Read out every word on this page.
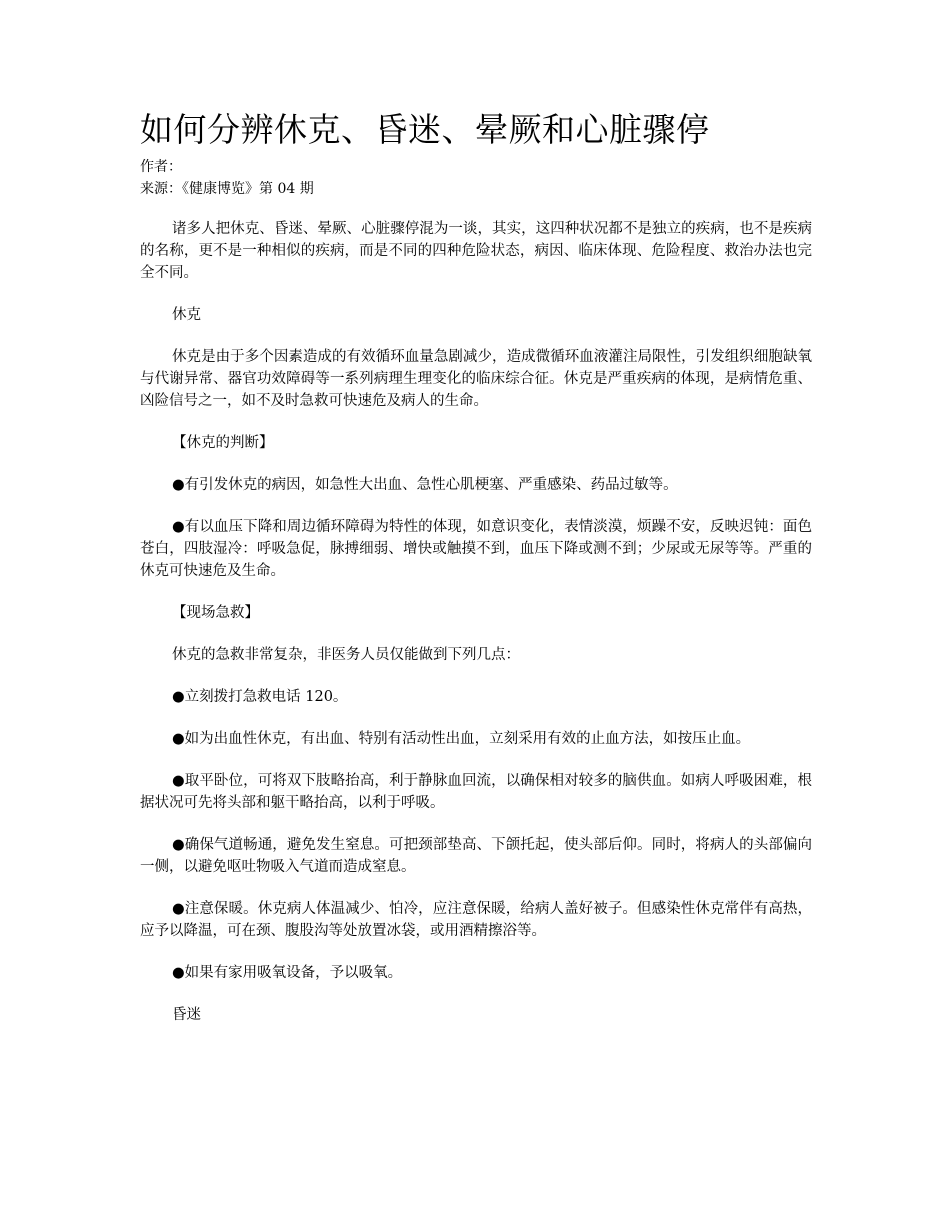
如何分辨休克、昏迷、晕厥和心脏骤停

作者：

来源：《健康博览》第 04 期

诸多人把休克、昏迷、晕厥、心脏骤停混为一谈，其实，这四种状况都不是独立的疾病，也不是疾病的名称，更不是一种相似的疾病，而是不同的四种危险状态，病因、临床体现、危险程度、救治办法也完全不同。

休克

休克是由于多个因素造成的有效循环血量急剧减少，造成微循环血液灌注局限性，引发组织细胞缺氧与代谢异常、器官功效障碍等一系列病理生理变化的临床综合征。休克是严重疾病的体现，是病情危重、凶险信号之一，如不及时急救可快速危及病人的生命。

【休克的判断】

●有引发休克的病因，如急性大出血、急性心肌梗塞、严重感染、药品过敏等。

●有以血压下降和周边循环障碍为特性的体现，如意识变化，表情淡漠，烦躁不安，反映迟钝：面色苍白，四肢湿冷：呼吸急促，脉搏细弱、增快或触摸不到，血压下降或测不到；少尿或无尿等等。严重的休克可快速危及生命。

【现场急救】

休克的急救非常复杂，非医务人员仅能做到下列几点：

●立刻拨打急救电话 120。

●如为出血性休克，有出血、特别有活动性出血，立刻采用有效的止血方法，如按压止血。

●取平卧位，可将双下肢略抬高，利于静脉血回流，以确保相对较多的脑供血。如病人呼吸困难，根据状况可先将头部和躯干略抬高，以利于呼吸。

●确保气道畅通，避免发生窒息。可把颈部垫高、下颌托起，使头部后仰。同时，将病人的头部偏向一侧，以避免呕吐物吸入气道而造成窒息。

●注意保暖。休克病人体温减少、怕冷，应注意保暖，给病人盖好被子。但感染性休克常伴有高热，应予以降温，可在颈、腹股沟等处放置冰袋，或用酒精擦浴等。

●如果有家用吸氧设备，予以吸氧。

昏迷
